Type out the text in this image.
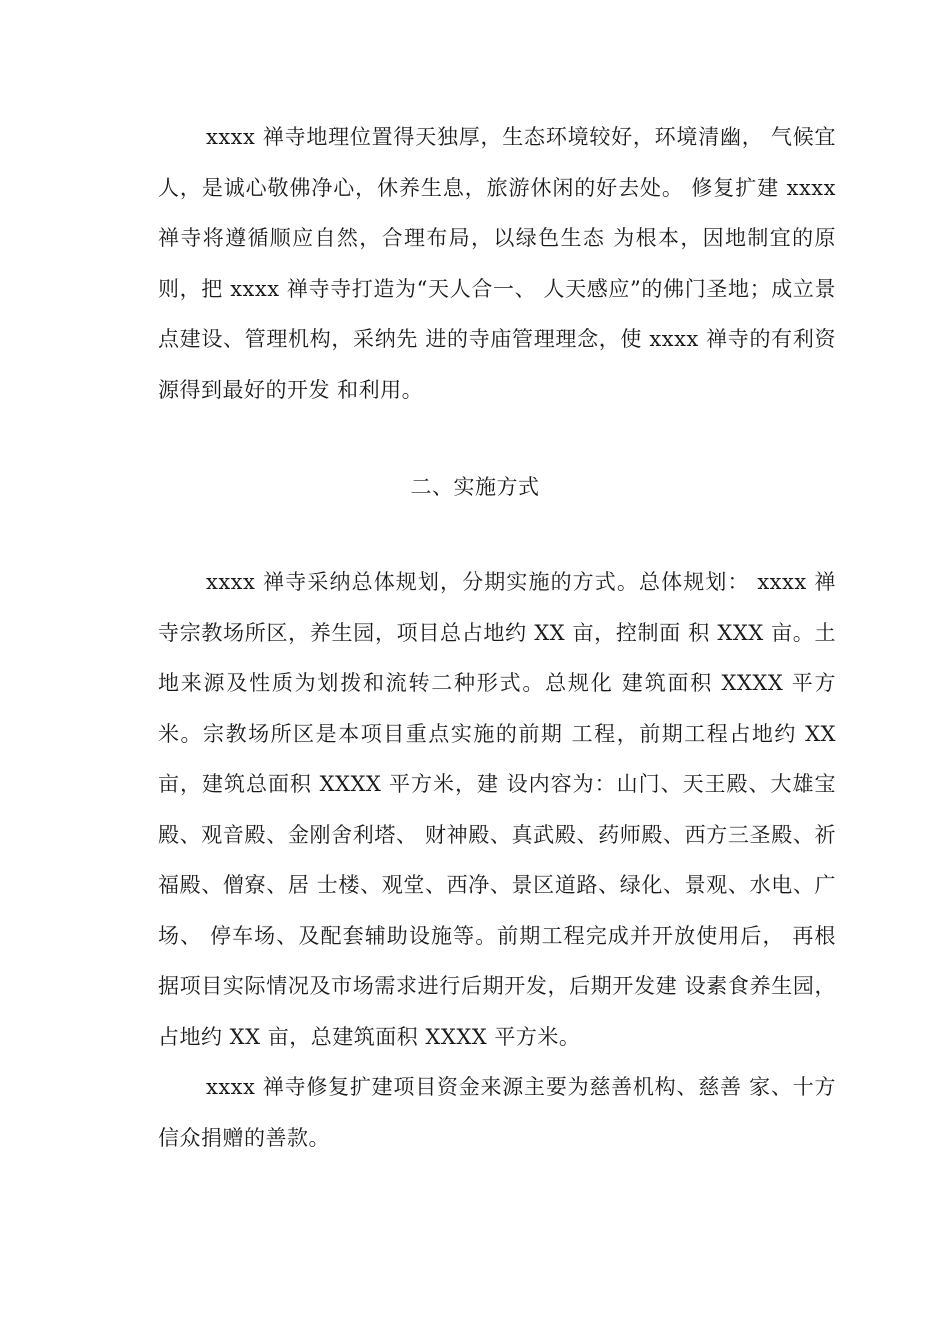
xxxx 禅寺地理位置得天独厚，生态环境较好，环境清幽， 气候宜人，是诚心敬佛净心，休养生息，旅游休闲的好去处。 修复扩建 xxxx 禅寺将遵循顺应自然，合理布局，以绿色生态 为根本，因地制宜的原则，把 xxxx 禅寺寺打造为“天人合一、 人天感应”的佛门圣地；成立景点建设、管理机构，采纳先 进的寺庙管理理念，使 xxxx 禅寺的有利资源得到最好的开发 和利用。

二、实施方式

xxxx 禅寺采纳总体规划，分期实施的方式。总体规划： xxxx 禅寺宗教场所区，养生园，项目总占地约 XX 亩，控制面 积 XXX 亩。土地来源及性质为划拨和流转二种形式。总规化 建筑面积 XXXX 平方米。宗教场所区是本项目重点实施的前期 工程，前期工程占地约 XX 亩，建筑总面积 XXXX 平方米，建 设内容为：山门、天王殿、大雄宝殿、观音殿、金刚舍利塔、 财神殿、真武殿、药师殿、西方三圣殿、祈福殿、僧寮、居 士楼、观堂、西净、景区道路、绿化、景观、水电、广场、 停车场、及配套辅助设施等。前期工程完成并开放使用后， 再根据项目实际情况及市场需求进行后期开发，后期开发建 设素食养生园，占地约 XX 亩，总建筑面积 XXXX 平方米。

xxxx 禅寺修复扩建项目资金来源主要为慈善机构、慈善 家、十方信众捐赠的善款。
